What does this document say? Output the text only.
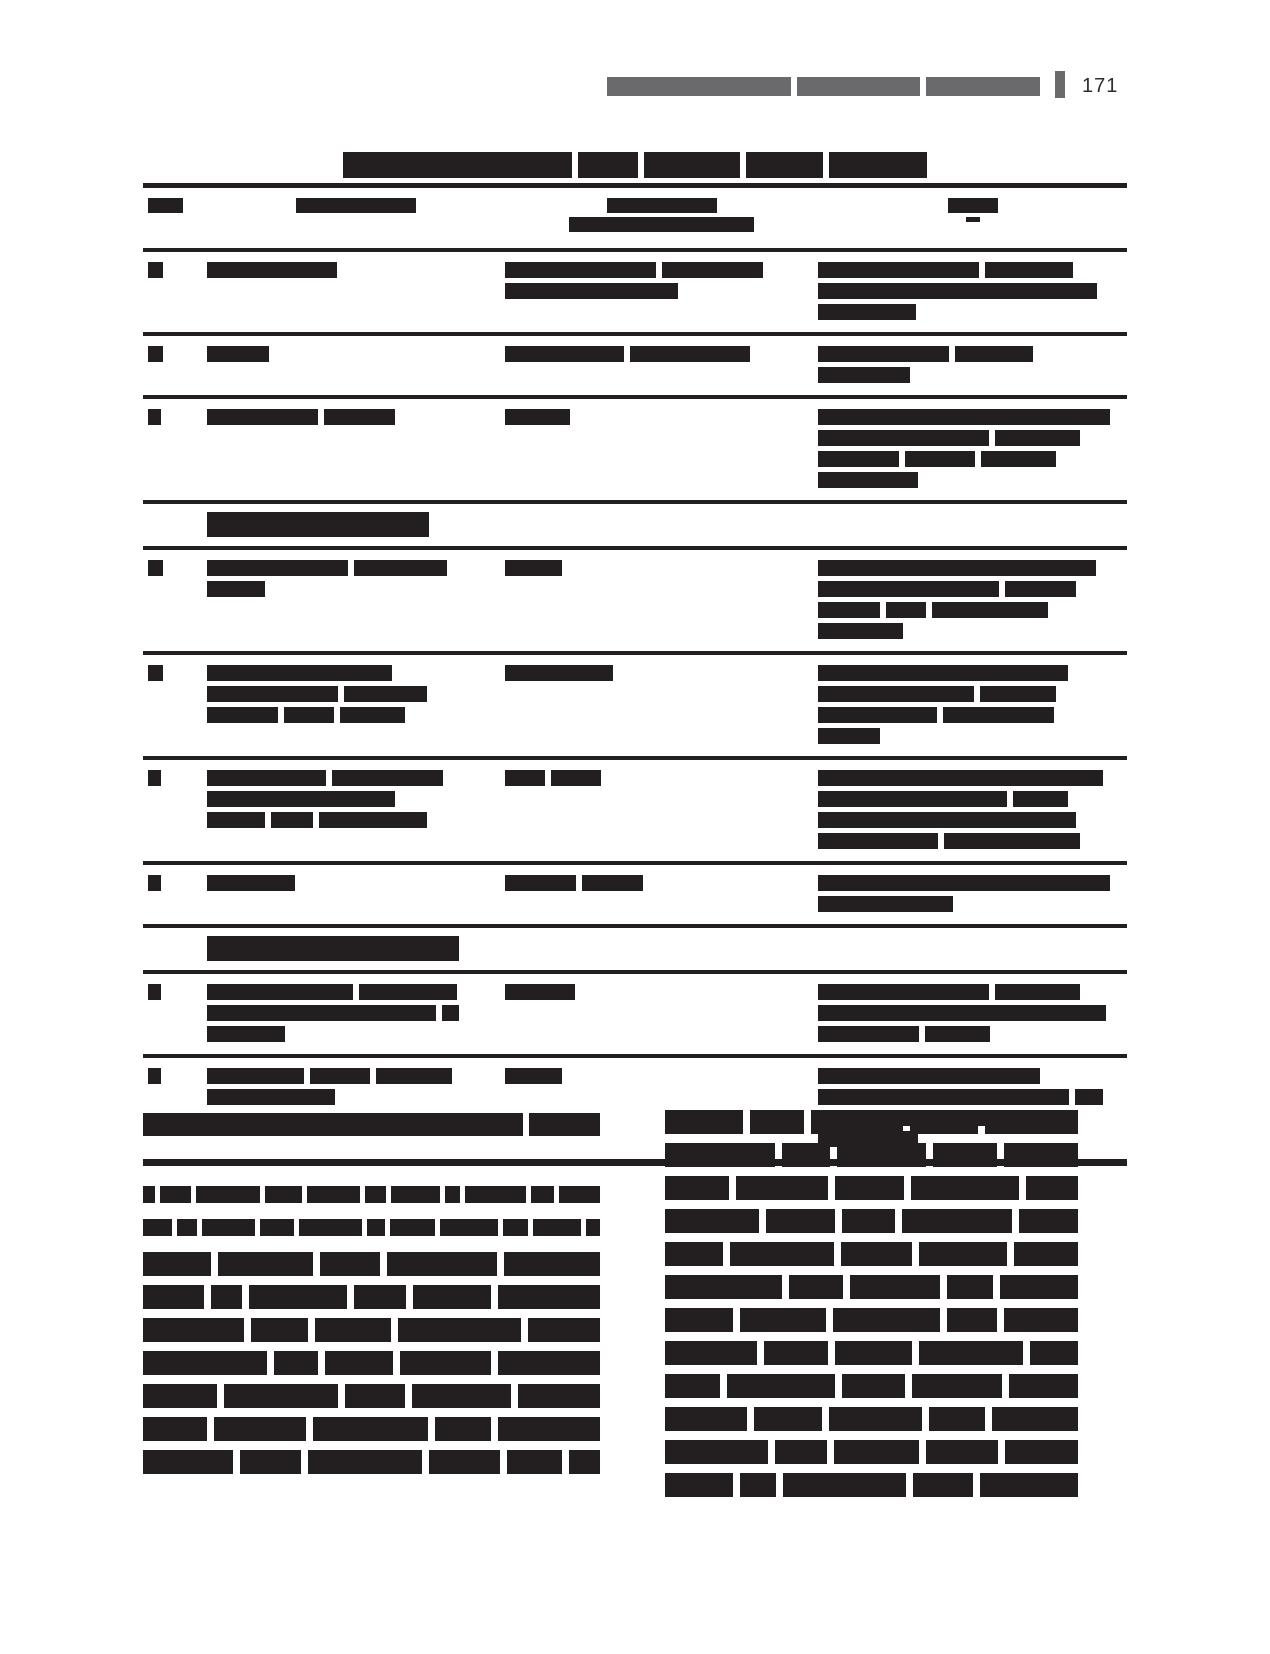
171
